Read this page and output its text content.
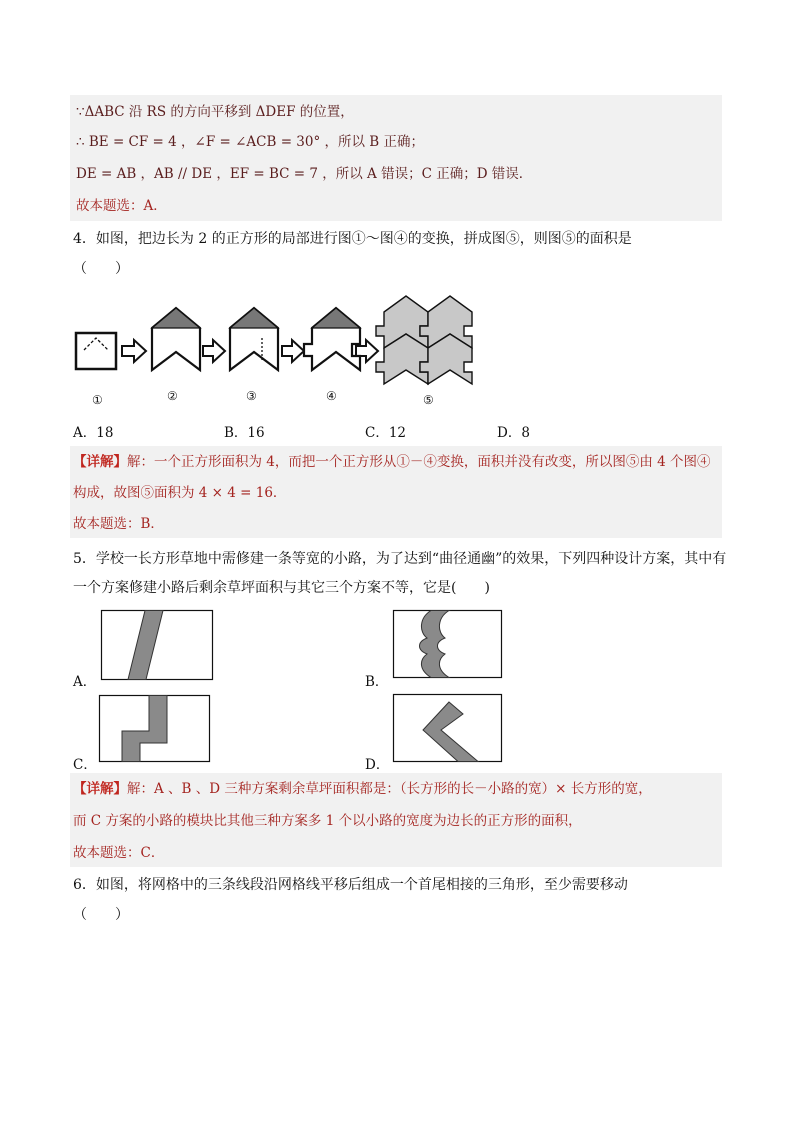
∵ΔABC 沿 RS 的方向平移到 ΔDEF 的位置，
∴ BE = CF = 4 ，∠F = ∠ACB = 30° ，所以 B 正确；
DE = AB ，AB // DE ，EF = BC = 7 ，所以 A 错误；C 正确；D 错误．
故本题选：A．
4．如图，把边长为 2 的正方形的局部进行图①～图④的变换，拼成图⑤，则图⑤的面积是
（　　）
①	②	③	④	⑤
A．18	B．16	C．12	D．8
【详解】解：一个正方形面积为 4，而把一个正方形从①－④变换，面积并没有改变，所以图⑤由 4 个图④
构成，故图⑤面积为 4 × 4 = 16．
故本题选：B．
5．学校一长方形草地中需修建一条等宽的小路，为了达到“曲径通幽”的效果，下列四种设计方案，其中有
一个方案修建小路后剩余草坪面积与其它三个方案不等，它是(　　)
A．	B．
C．	D．
【详解】解：A 、B 、D 三种方案剩余草坪面积都是：（长方形的长－小路的宽）× 长方形的宽，
而 C 方案的小路的模块比其他三种方案多 1 个以小路的宽度为边长的正方形的面积，
故本题选：C．
6．如图，将网格中的三条线段沿网格线平移后组成一个首尾相接的三角形，至少需要移动
（　　）
